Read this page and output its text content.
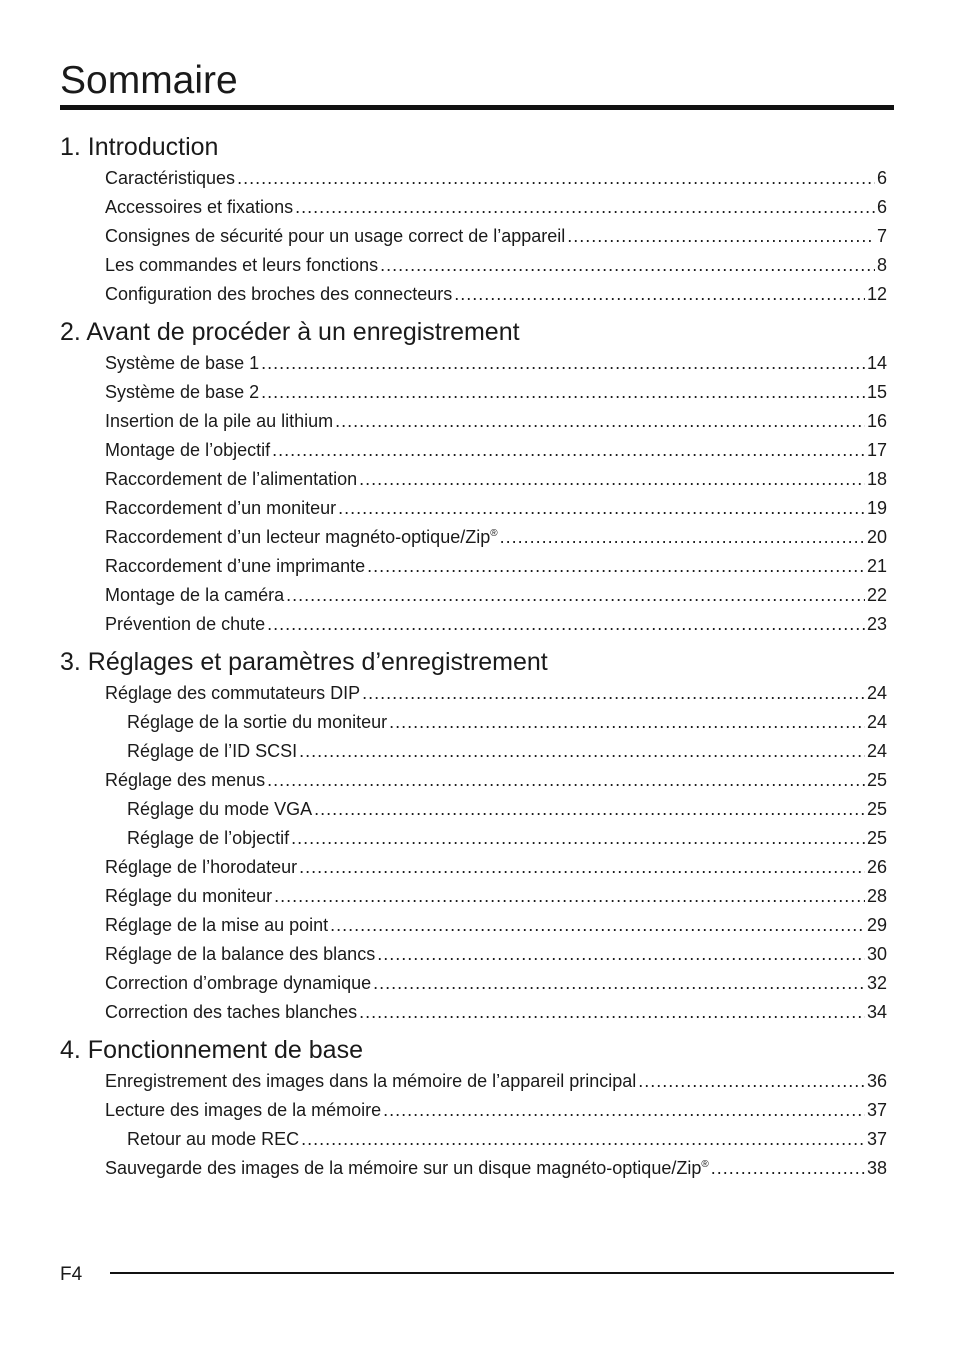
Sommaire
1. Introduction
Caractéristiques .....	6
Accessoires et fixations .....	6
Consignes de sécurité pour un usage correct de l’appareil .....	7
Les commandes et leurs fonctions .....	8
Configuration des broches des connecteurs .....	12
2. Avant de procéder à un enregistrement
Système de base 1 .....	14
Système de base 2 .....	15
Insertion de la pile au lithium .....	16
Montage de l’objectif .....	17
Raccordement de l’alimentation .....	18
Raccordement d’un moniteur .....	19
Raccordement d’un lecteur magnéto-optique/Zip® .....	20
Raccordement d’une imprimante .....	21
Montage de la caméra .....	22
Prévention de chute .....	23
3. Réglages et paramètres d’enregistrement
Réglage des commutateurs DIP .....	24
Réglage de la sortie du moniteur .....	24
Réglage de l’ID SCSI .....	24
Réglage des menus .....	25
Réglage du mode VGA .....	25
Réglage de l’objectif .....	25
Réglage de l’horodateur .....	26
Réglage du moniteur .....	28
Réglage de la mise au point .....	29
Réglage de la balance des blancs .....	30
Correction d’ombrage dynamique .....	32
Correction des taches blanches .....	34
4. Fonctionnement de base
Enregistrement des images dans la mémoire de l’appareil principal .....	36
Lecture des images de la mémoire .....	37
Retour au mode REC .....	37
Sauvegarde des images de la mémoire sur un disque magnéto-optique/Zip® .....	38
F4
